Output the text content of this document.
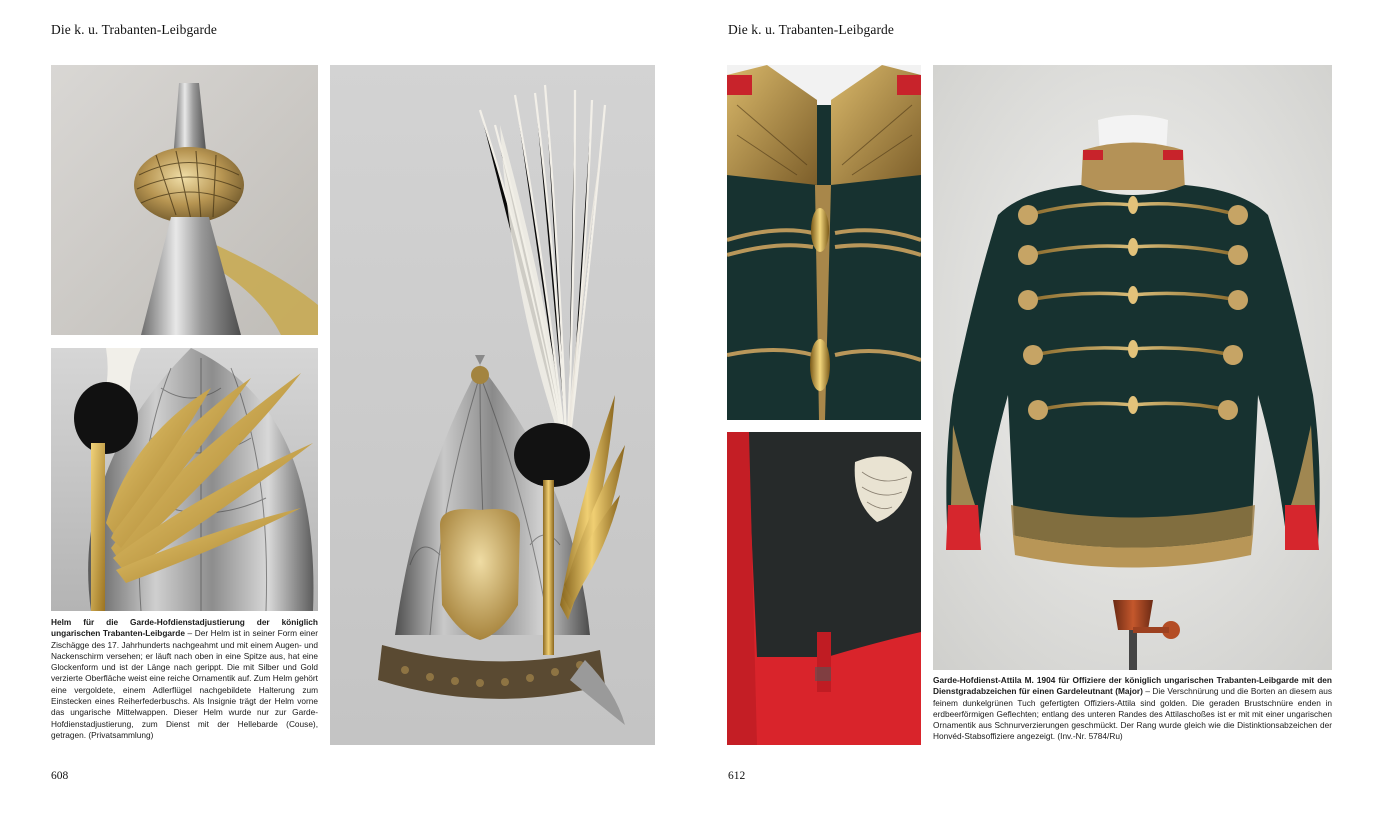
Die k. u. Trabanten-Leibgarde

Helm für die Garde-Hofdienstadjustierung der königlich ungarischen Trabanten-Leibgarde – Der Helm ist in seiner Form einer Zischägge des 17. Jahrhunderts nachgeahmt und mit einem Augen- und Nackenschirm versehen; er läuft nach oben in eine Spitze aus, hat eine Glockenform und ist der Länge nach gerippt. Die mit Silber und Gold verzierte Oberfläche weist eine reiche Ornamentik auf. Zum Helm gehört eine vergoldete, einem Adlerflügel nachgebildete Halterung zum Einstecken eines Reiherfederbuschs. Als Insignie trägt der Helm vorne das ungarische Mittelwappen. Dieser Helm wurde nur zur Garde-Hofdienstadjustierung, zum Dienst mit der Hellebarde (Couse), getragen. (Privatsammlung)

608
Die k. u. Trabanten-Leibgarde

Garde-Hofdienst-Attila M. 1904 für Offiziere der königlich ungarischen Trabanten-Leibgarde mit den Dienstgradabzeichen für einen Gardeleutnant (Major) – Die Verschnürung und die Borten an diesem aus feinem dunkelgrünen Tuch gefertigten Offiziers-Attila sind golden. Die geraden Brustschnüre enden in erdbeerförmigen Geflechten; entlang des unteren Randes des Attilaschoßes ist er mit mit einer ungarischen Ornamentik aus Schnurverzierungen geschmückt. Der Rang wurde gleich wie die Distinktionsabzeichen der Honvéd-Stabsoffiziere angezeigt. (Inv.-Nr. 5784/Ru)

612
